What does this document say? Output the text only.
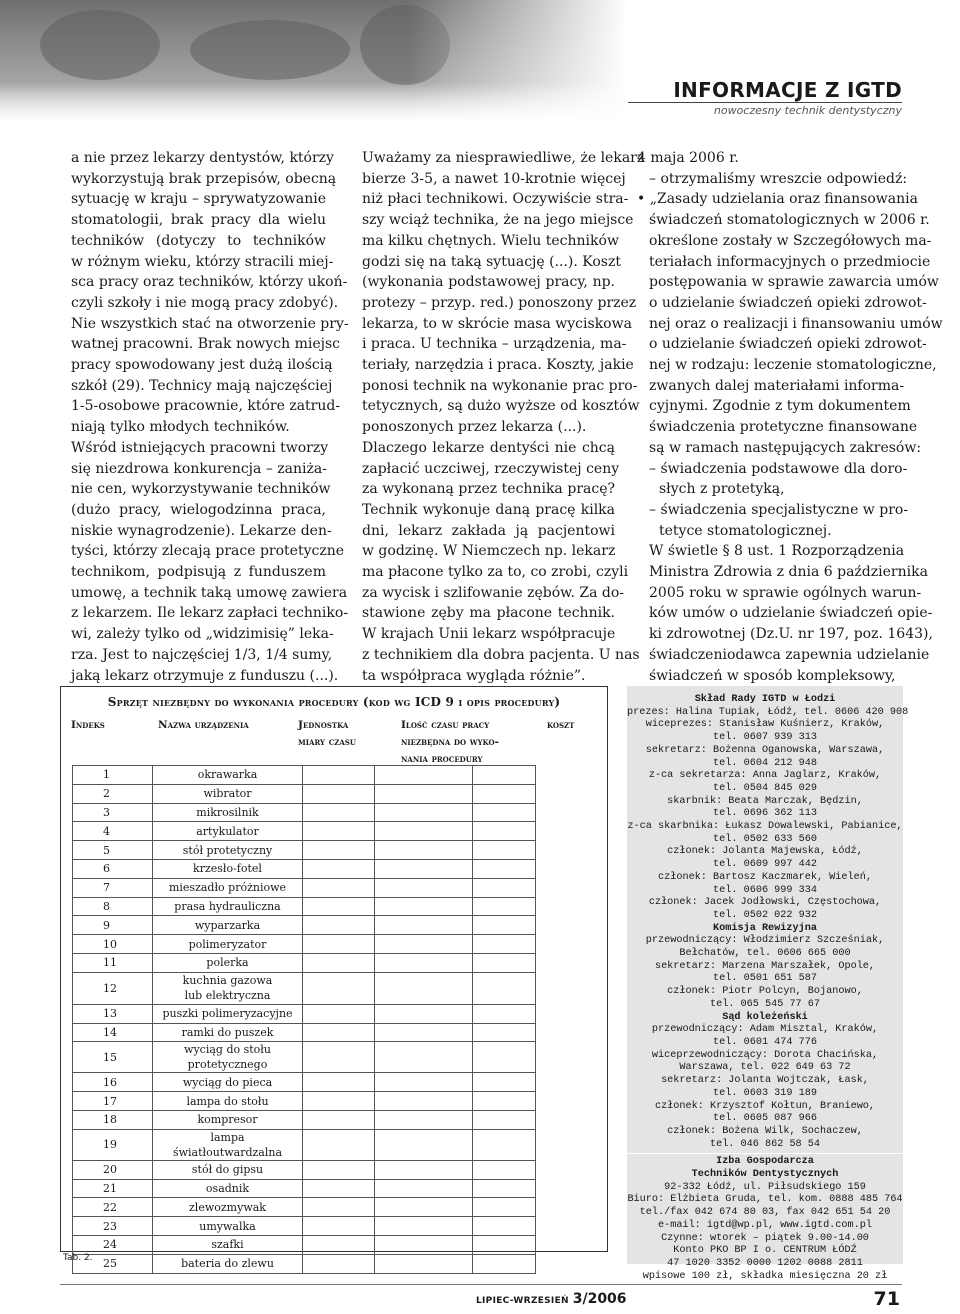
INFORMACJE Z IGTD
nowoczesny technik dentystyczny
a nie przez lekarzy dentystów, którzy
wykorzystują brak przepisów, obecną
sytuację w kraju – sprywatyzowanie
stomatologii, brak pracy dla wielu
techników (dotyczy to techników
w różnym wieku, którzy stracili miej-
sca pracy oraz techników, którzy ukoń-
czyli szkoły i nie mogą pracy zdobyć).
Nie wszystkich stać na otworzenie pry-
watnej pracowni. Brak nowych miejsc
pracy spowodowany jest dużą ilością
szkół (29). Technicy mają najczęściej
1-5-osobowe pracownie, które zatrud-
niają tylko młodych techników.
Wśród istniejących pracowni tworzy
się niezdrowa konkurencja – zaniża-
nie cen, wykorzystywanie techników
(dużo pracy, wielogodzinna praca,
niskie wynagrodzenie). Lekarze den-
tyści, którzy zlecają prace protetyczne
technikom, podpisują z funduszem
umowę, a technik taką umowę zawiera
z lekarzem. Ile lekarz zapłaci techniko-
wi, zależy tylko od „widzimisię” leka-
rza. Jest to najczęściej 1/3, 1/4 sumy,
jaką lekarz otrzymuje z funduszu (...).
Uważamy za niesprawiedliwe, że lekarz
bierze 3-5, a nawet 10-krotnie więcej
niż płaci technikowi. Oczywiście stra-
szy wciąż technika, że na jego miejsce
ma kilku chętnych. Wielu techników
godzi się na taką sytuację (...). Koszt
(wykonania podstawowej pracy, np.
protezy – przyp. red.) ponoszony przez
lekarza, to w skrócie masa wyciskowa
i praca. U technika – urządzenia, ma-
teriały, narzędzia i praca. Koszty, jakie
ponosi technik na wykonanie prac pro-
tetycznych, są dużo wyższe od kosztów
ponoszonych przez lekarza (...).
Dlaczego lekarze dentyści nie chcą
zapłacić uczciwej, rzeczywistej ceny
za wykonaną przez technika pracę?
Technik wykonuje daną pracę kilka
dni, lekarz zakłada ją pacjentowi
w godzinę. W Niemczech np. lekarz
ma płacone tylko za to, co zrobi, czyli
za wycisk i szlifowanie zębów. Za do-
stawione zęby ma płacone technik.
W krajach Unii lekarz współpracuje
z technikiem dla dobra pacjenta. U nas
ta współpraca wygląda różnie”.
4 maja 2006 r.
– otrzymaliśmy wreszcie odpowiedź:
• „Zasady udzielania oraz finansowania
świadczeń stomatologicznych w 2006 r.
określone zostały w Szczegółowych ma-
teriałach informacyjnych o przedmiocie
postępowania w sprawie zawarcia umów
o udzielanie świadczeń opieki zdrowot-
nej oraz o realizacji i finansowaniu umów
o udzielanie świadczeń opieki zdrowot-
nej w rodzaju: leczenie stomatologiczne,
zwanych dalej materiałami informa-
cyjnymi. Zgodnie z tym dokumentem
świadczenia protetyczne finansowane
są w ramach następujących zakresów:
– świadczenia podstawowe dla doro-
słych z protetyką,
– świadczenia specjalistyczne w pro-
tetyce stomatologicznej.
W świetle § 8 ust. 1 Rozporządzenia
Ministra Zdrowia z dnia 6 października
2005 roku w sprawie ogólnych warun-
ków umów o udzielanie świadczeń opie-
ki zdrowotnej (Dz.U. nr 197, poz. 1643),
świadczeniodawca zapewnia udzielanie
świadczeń w sposób kompleksowy,
Sprzęt niezbędny do wykonania procedury (kod wg ICD 9 i opis procedury)
Indeks	Nazwa urządzenia	Jednostka
miary czasu
Ilość czasu pracy
niezbędna do wyko-
nania procedury
koszt
1	okrawarka			

2	wibrator			

3	mikrosilnik			

4	artykulator			

5	stół protetyczny			

6	krzesło-fotel			

7	mieszadło próżniowe			

8	prasa hydrauliczna			

9	wyparzarka			

10	polimeryzator			

11	polerka			

12	kuchnia gazowa
lub elektryczna			

13	puszki polimeryzacyjne			

14	ramki do puszek			

15	wyciąg do stołu protetycznego			

16	wyciąg do pieca			

17	lampa do stołu			

18	kompresor			

19	lampa światłoutwardzalna			

20	stół do gipsu			

21	osadnik			

22	zlewozmywak			

23	umywalka			

24	szafki			

25	bateria do zlewu			

Tab. 2.
Skład Rady IGTD w Łodzi
prezes: Halina Tupiak, Łódź, tel. 0606 420 908
wiceprezes: Stanisław Kuśnierz, Kraków,
tel. 0607 939 313
sekretarz: Bożenna Oganowska, Warszawa,
tel. 0604 212 948
z-ca sekretarza: Anna Jaglarz, Kraków,
tel. 0504 845 029
skarbnik: Beata Marczak, Będzin,
tel. 0696 362 113
z-ca skarbnika: Łukasz Dowalewski, Pabianice,
tel. 0502 633 560
członek: Jolanta Majewska, Łódź,
tel. 0609 997 442
członek: Bartosz Kaczmarek, Wieleń,
tel. 0606 999 334
członek: Jacek Jodłowski, Częstochowa,
tel. 0502 022 932
Komisja Rewizyjna
przewodniczący: Włodzimierz Szcześniak,
Bełchatów, tel. 0606 665 000
sekretarz: Marzena Marszałek, Opole,
tel. 0501 651 587
członek: Piotr Polcyn, Bojanowo,
tel. 065 545 77 67
Sąd koleżeński
przewodniczący: Adam Misztal, Kraków,
tel. 0601 474 776
wiceprzewodniczący: Dorota Chacińska,
Warszawa, tel. 022 649 63 72
sekretarz: Jolanta Wojtczak, Łask,
tel. 0603 319 189
członek: Krzysztof Kołtun, Braniewo,
tel. 0605 087 966
członek: Bożena Wilk, Sochaczew,
tel. 046 862 58 54
Izba Gospodarcza
Techników Dentystycznych
92-332 Łódź, ul. Piłsudskiego 159
Biuro: Elżbieta Gruda, tel. kom. 0888 485 764
tel./fax 042 674 80 03, fax 042 651 54 20
e-mail: igtd@wp.pl, www.igtd.com.pl
Czynne: wtorek – piątek 9.00-14.00
Konto PKO BP I o. CENTRUM ŁÓDŹ
47 1020 3352 0000 1202 0088 2811
wpisowe 100 zł, składka miesięczna 20 zł
LIPIEC-WRZESIEŃ 3/2006	71
